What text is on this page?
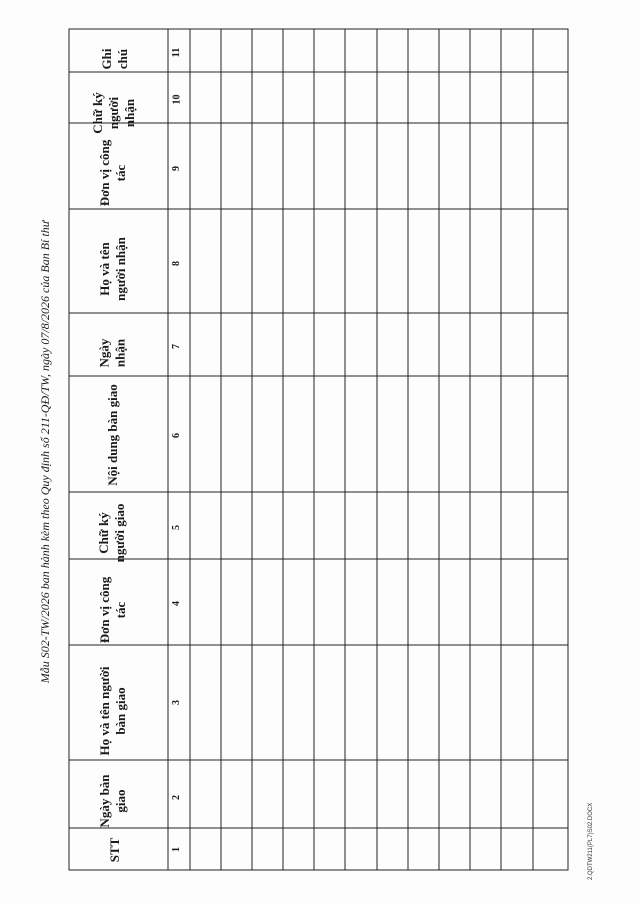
Mẫu S02-TW/2026 ban hành kèm theo Quy định số 211-QĐ/TW, ngày 07/8/2026 của Ban Bí thư
STT
Ngày bàn giao
Họ và tên người bàn giao
Đơn vị công tác
Chữ ký người giao
Nội dung bàn giao
Ngày nhận
Họ và tên người nhận
Đơn vị công tác
Chữ ký người nhận
Ghi chú
1
2
3
4
5
6
7
8
9
10
11
2.QDTW211(PL7)S02.DOCX
